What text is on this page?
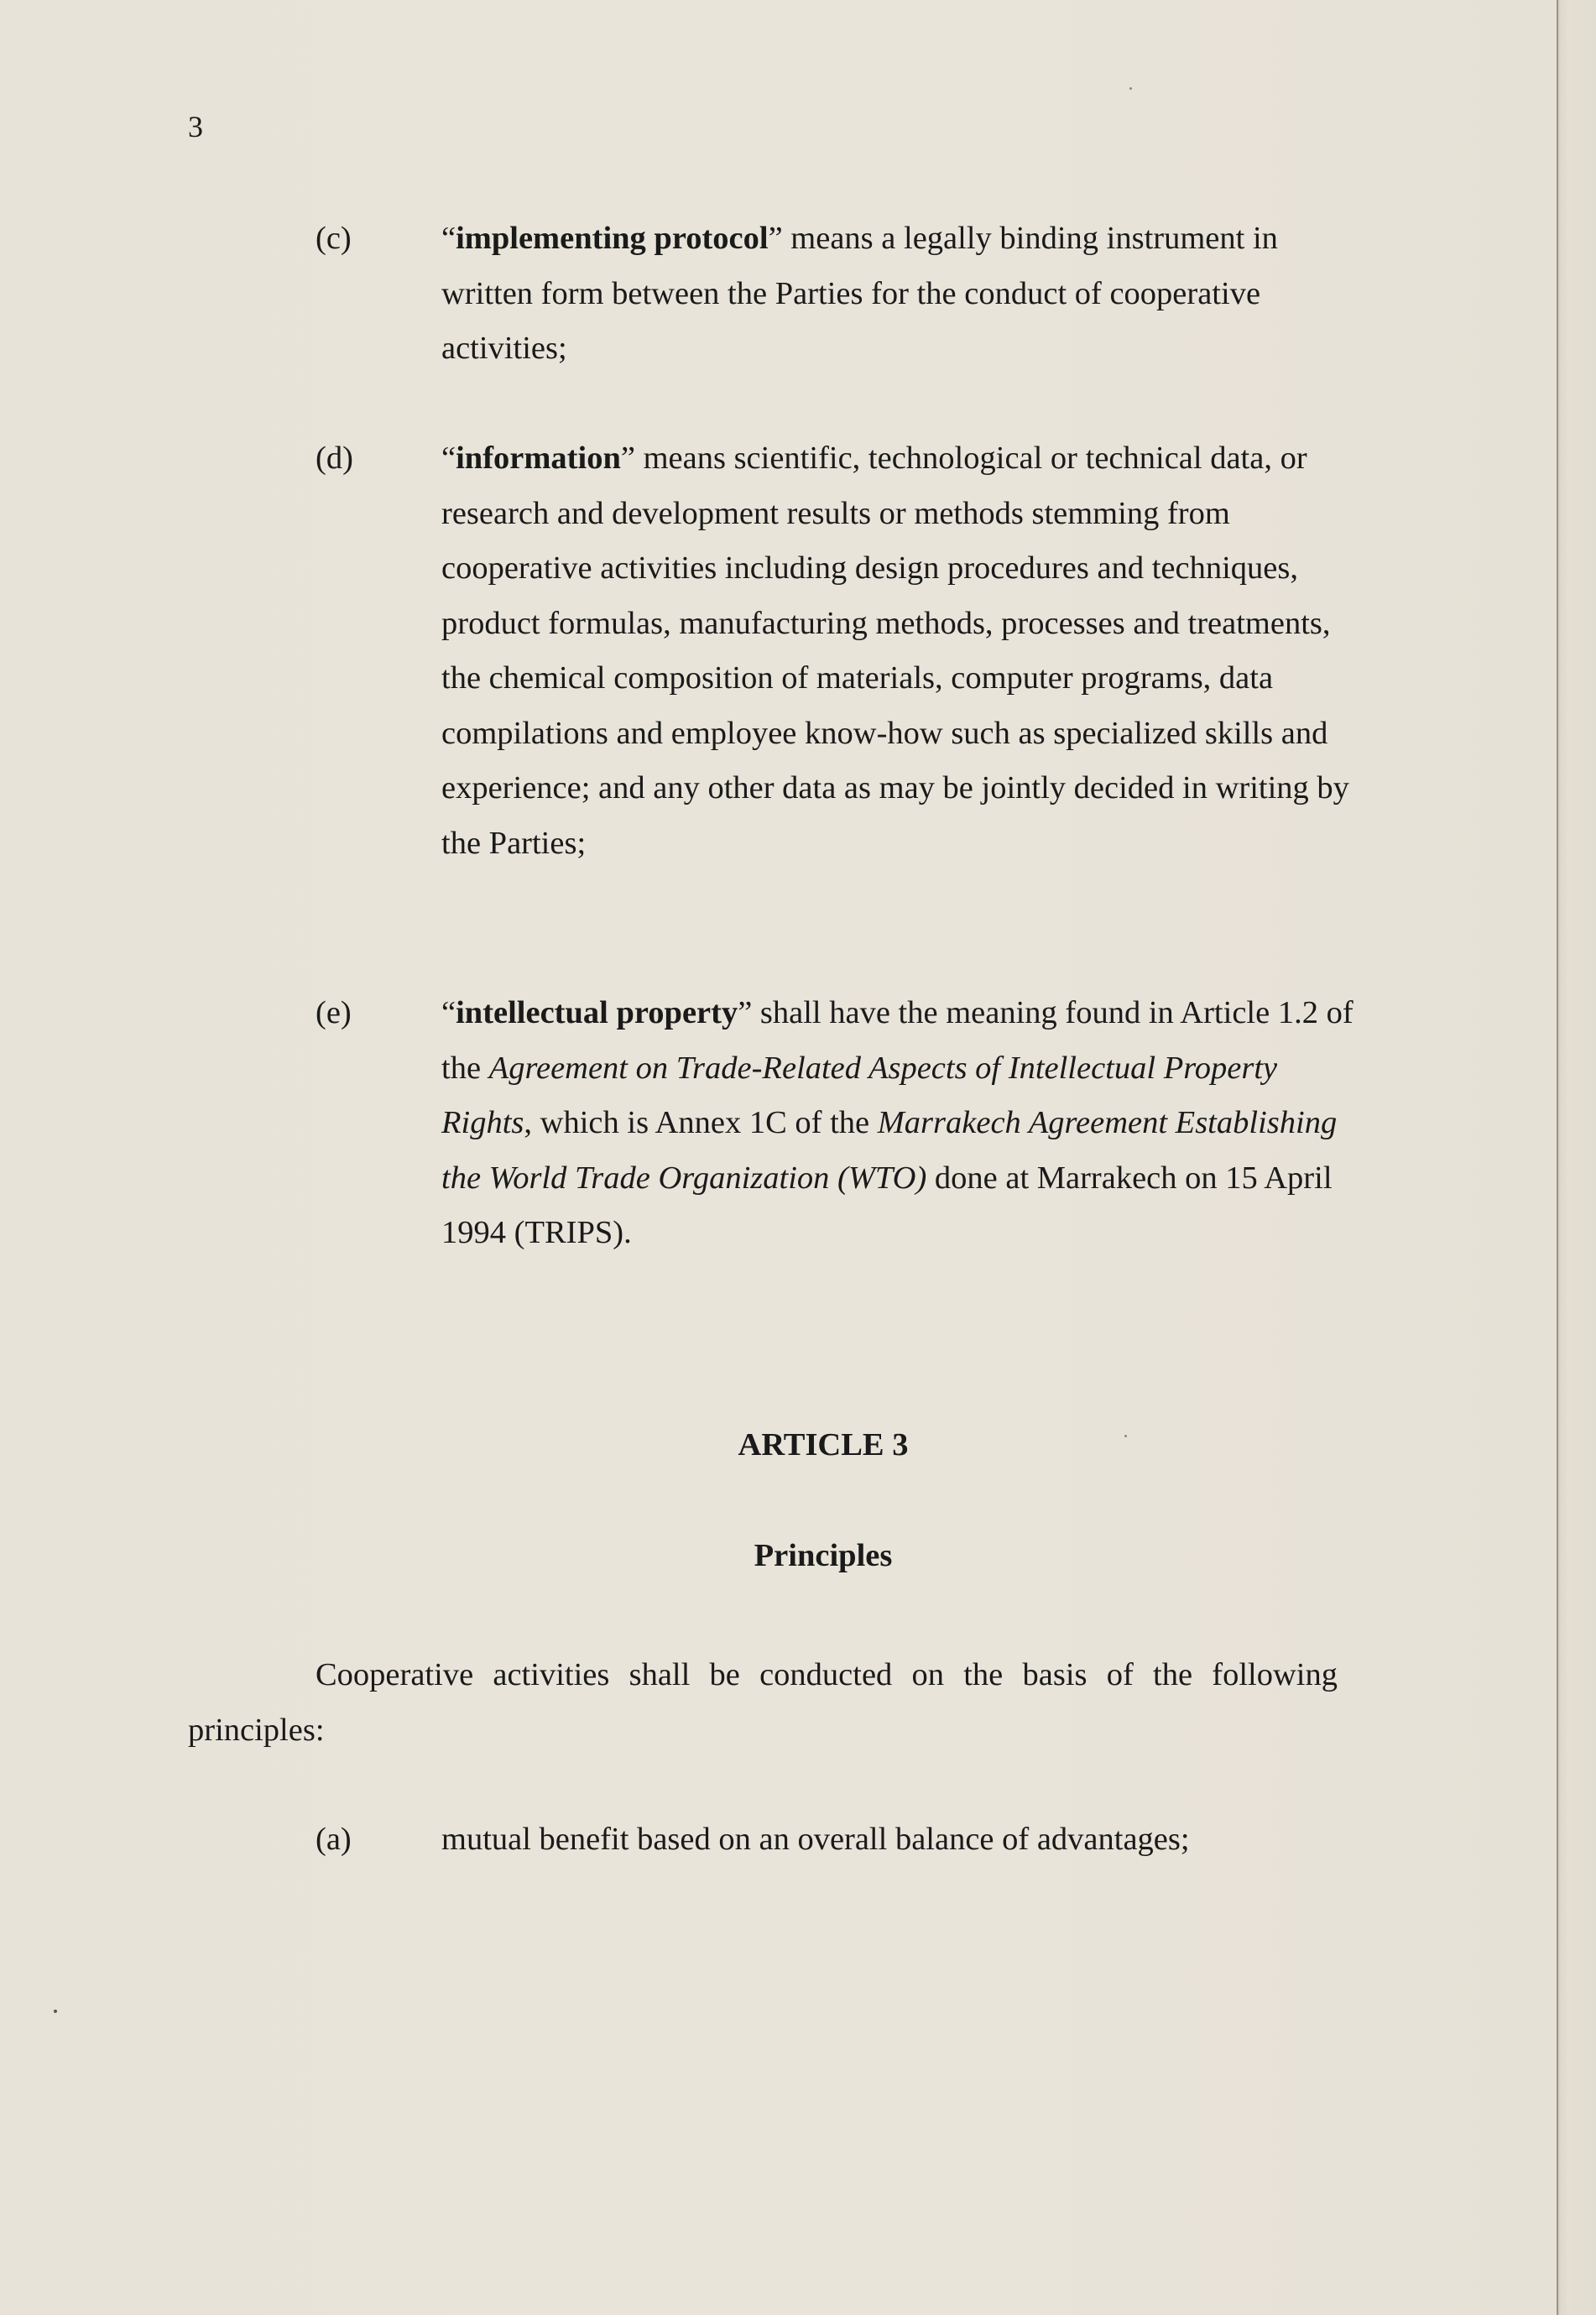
3
(c)	“implementing protocol” means a legally binding instrument in written form between the Parties for the conduct of cooperative activities;
(d)	“information” means scientific, technological or technical data, or research and development results or methods stemming from cooperative activities including design procedures and techniques, product formulas, manufacturing methods, processes and treatments, the chemical composition of materials, computer programs, data compilations and employee know-how such as specialized skills and experience; and any other data as may be jointly decided in writing by the Parties;
(e)	“intellectual property” shall have the meaning found in Article 1.2 of the Agreement on Trade-Related Aspects of Intellectual Property Rights, which is Annex 1C of the Marrakech Agreement Establishing the World Trade Organization (WTO) done at Marrakech on 15 April 1994 (TRIPS).
ARTICLE 3
Principles
Cooperative activities shall be conducted on the basis of the following principles:
(a)	mutual benefit based on an overall balance of advantages;
